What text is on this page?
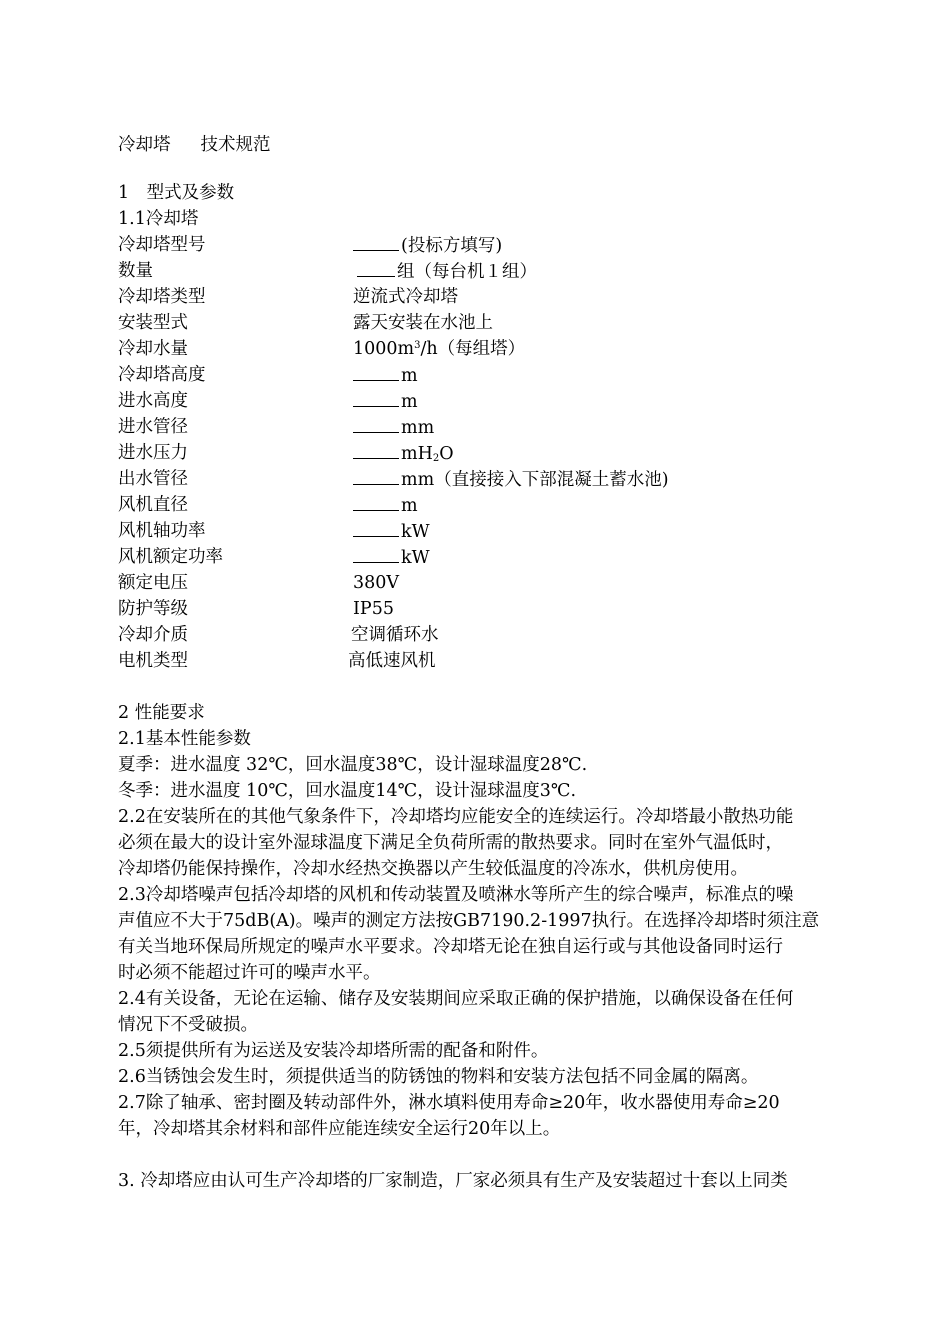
冷却塔 技术规范
1　型式及参数
1.1冷却塔
冷却塔型号	(投标方填写)
数量	组（每台机１组）
冷却塔类型	逆流式冷却塔
安装型式	露天安装在水池上
冷却水量	$1000m^3/h$（每组塔）
冷却塔高度	m
进水高度	m
进水管径	mm
进水压力	$mH_2O$
出水管径	mm（直接接入下部混凝土蓄水池)
风机直径	m
风机轴功率	kW
风机额定功率	kW
额定电压	380V
防护等级	IP55
冷却介质	空调循环水
电机类型	高低速风机
2 性能要求
2.1基本性能参数
夏季：进水温度 32℃，回水温度38℃，设计湿球温度28℃.
冬季：进水温度 10℃，回水温度14℃，设计湿球温度3℃.
2.2在安装所在的其他气象条件下，冷却塔均应能安全的连续运行。冷却塔最小散热功能
必须在最大的设计室外湿球温度下满足全负荷所需的散热要求。同时在室外气温低时，
冷却塔仍能保持操作，冷却水经热交换器以产生较低温度的冷冻水，供机房使用。
2.3冷却塔噪声包括冷却塔的风机和传动装置及喷淋水等所产生的综合噪声，标准点的噪
声值应不大于75dB(A)。噪声的测定方法按GB7190.2-1997执行。在选择冷却塔时须注意
有关当地环保局所规定的噪声水平要求。冷却塔无论在独自运行或与其他设备同时运行
时必须不能超过许可的噪声水平。
2.4有关设备，无论在运输、储存及安装期间应采取正确的保护措施，以确保设备在任何
情况下不受破损。
2.5须提供所有为运送及安装冷却塔所需的配备和附件。
2.6当锈蚀会发生时，须提供适当的防锈蚀的物料和安装方法包括不同金属的隔离。
2.7除了轴承、密封圈及转动部件外，淋水填料使用寿命≥20年，收水器使用寿命≥20
年，冷却塔其余材料和部件应能连续安全运行20年以上。
3. 冷却塔应由认可生产冷却塔的厂家制造，厂家必须具有生产及安装超过十套以上同类
